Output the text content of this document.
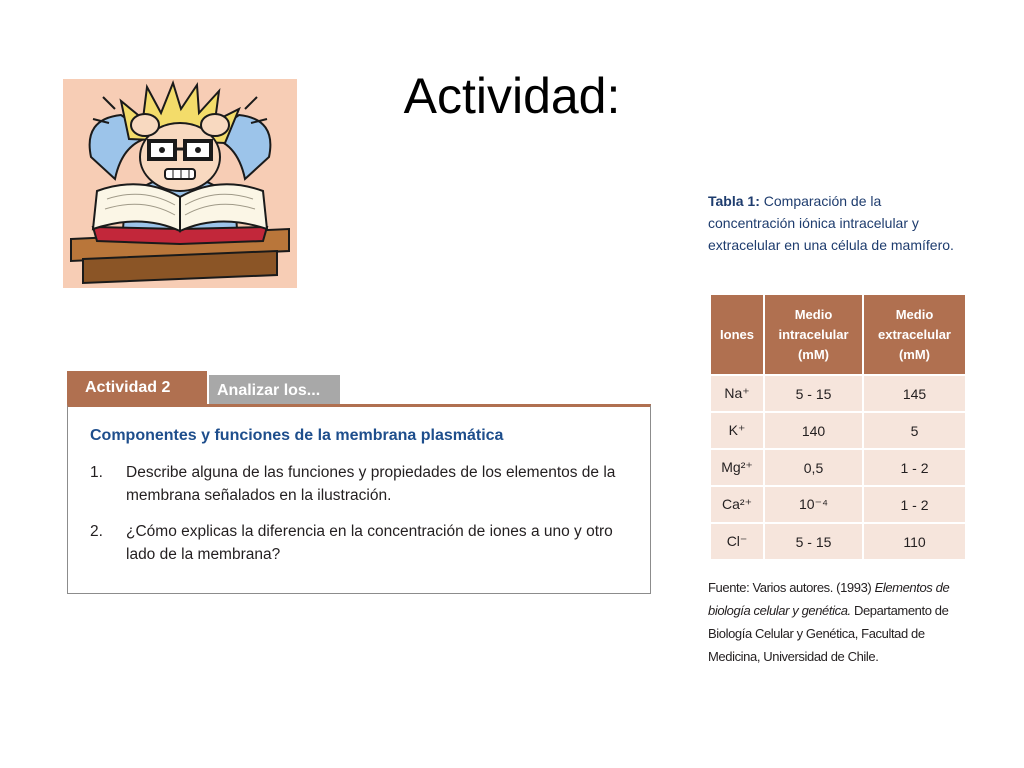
Actividad:
Actividad 2	Analizar los...
Componentes y funciones de la membrana plasmática
1.	Describe alguna de las funciones y propiedades de los elementos de la membrana señalados en la ilustración.
2.	¿Cómo explicas la diferencia en la concentración de iones a uno y otro lado de la membrana?
Tabla 1: Comparación de la concentración iónica intracelular y extracelular en una célula de mamífero.
Iones	Medio intracelular (mM)	Medio extracelular (mM)
Na⁺	5 - 15	145
K⁺	140	5
Mg²⁺	0,5	1 - 2
Ca²⁺	10⁻⁴	1 - 2
Cl⁻	5 - 15	110
Fuente: Varios autores. (1993) Elementos de biología celular y genética. Departamento de Biología Celular y Genética, Facultad de Medicina, Universidad de Chile.
